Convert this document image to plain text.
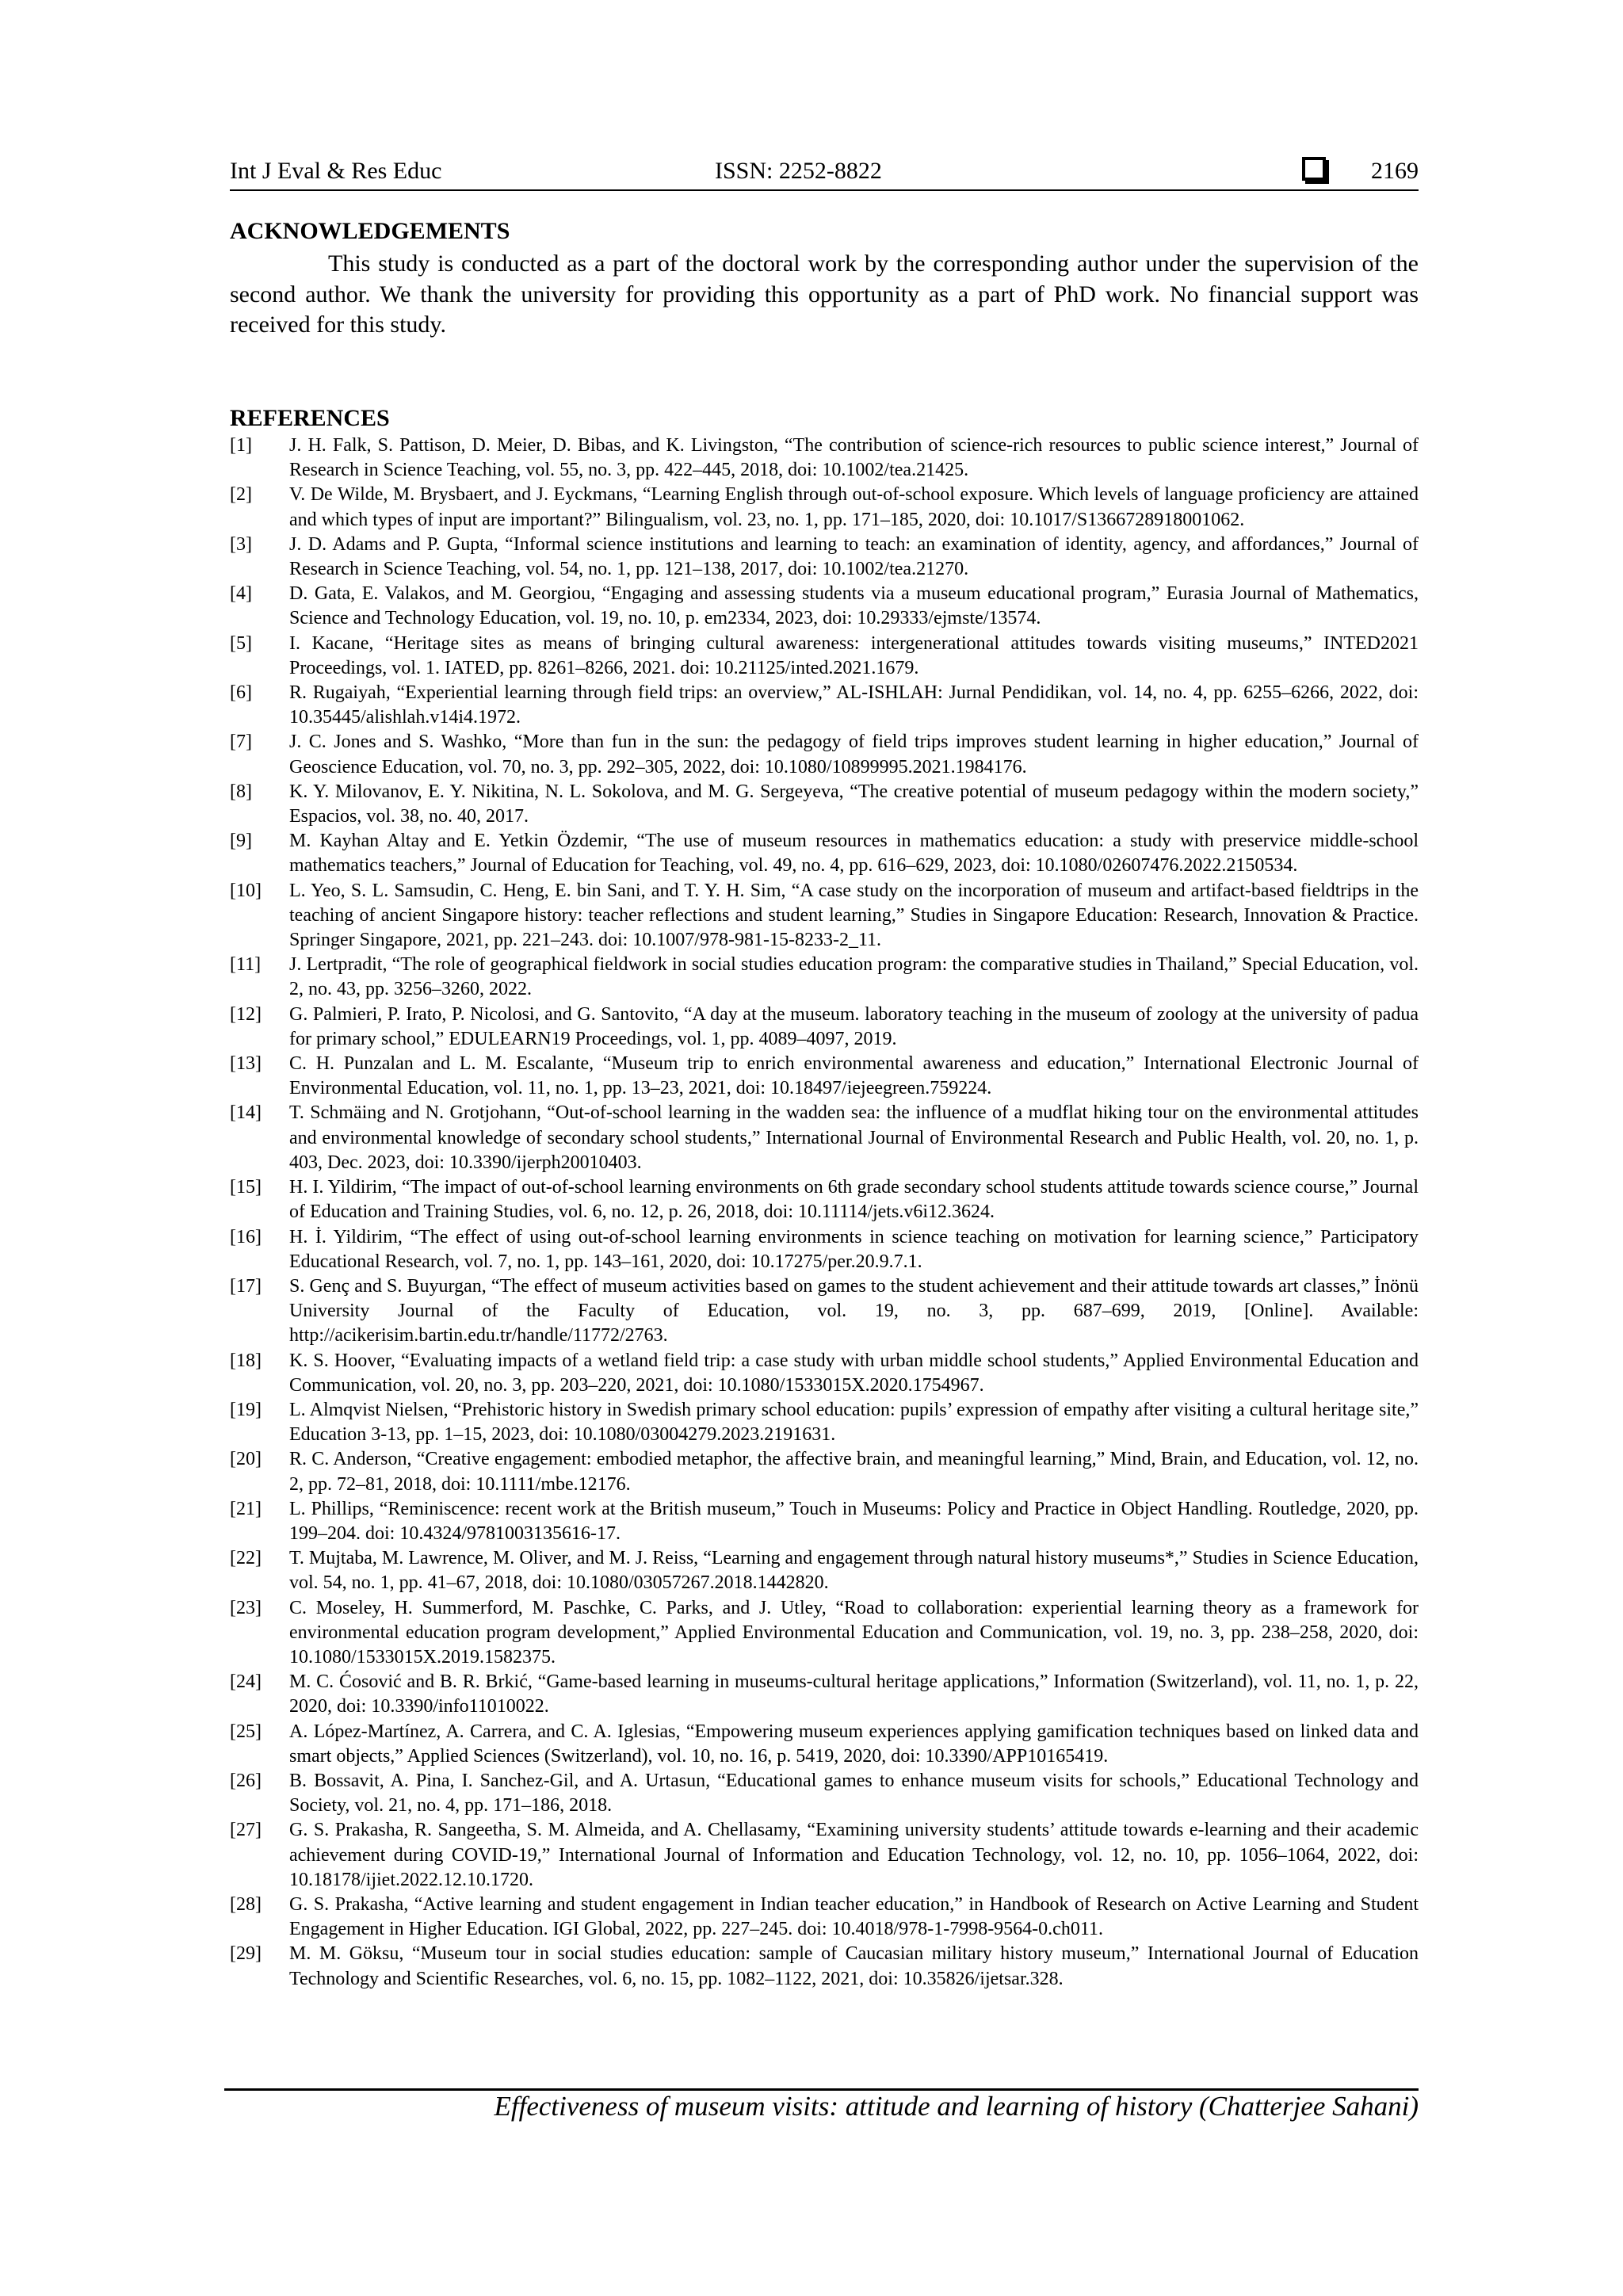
Int J Eval & Res Educ	ISSN: 2252-8822	2169
ACKNOWLEDGEMENTS

This study is conducted as a part of the doctoral work by the corresponding author under the supervision of the second author. We thank the university for providing this opportunity as a part of PhD work. No financial support was received for this study.

REFERENCES
[1]	J. H. Falk, S. Pattison, D. Meier, D. Bibas, and K. Livingston, “The contribution of science-rich resources to public science interest,” Journal of Research in Science Teaching, vol. 55, no. 3, pp. 422–445, 2018, doi: 10.1002/tea.21425.
[2]	V. De Wilde, M. Brysbaert, and J. Eyckmans, “Learning English through out-of-school exposure. Which levels of language proficiency are attained and which types of input are important?” Bilingualism, vol. 23, no. 1, pp. 171–185, 2020, doi: 10.1017/S1366728918001062.
[3]	J. D. Adams and P. Gupta, “Informal science institutions and learning to teach: an examination of identity, agency, and affordances,” Journal of Research in Science Teaching, vol. 54, no. 1, pp. 121–138, 2017, doi: 10.1002/tea.21270.
[4]	D. Gata, E. Valakos, and M. Georgiou, “Engaging and assessing students via a museum educational program,” Eurasia Journal of Mathematics, Science and Technology Education, vol. 19, no. 10, p. em2334, 2023, doi: 10.29333/ejmste/13574.
[5]	I. Kacane, “Heritage sites as means of bringing cultural awareness: intergenerational attitudes towards visiting museums,” INTED2021 Proceedings, vol. 1. IATED, pp. 8261–8266, 2021. doi: 10.21125/inted.2021.1679.
[6]	R. Rugaiyah, “Experiential learning through field trips: an overview,” AL-ISHLAH: Jurnal Pendidikan, vol. 14, no. 4, pp. 6255–6266, 2022, doi: 10.35445/alishlah.v14i4.1972.
[7]	J. C. Jones and S. Washko, “More than fun in the sun: the pedagogy of field trips improves student learning in higher education,” Journal of Geoscience Education, vol. 70, no. 3, pp. 292–305, 2022, doi: 10.1080/10899995.2021.1984176.
[8]	K. Y. Milovanov, E. Y. Nikitina, N. L. Sokolova, and M. G. Sergeyeva, “The creative potential of museum pedagogy within the modern society,” Espacios, vol. 38, no. 40, 2017.
[9]	M. Kayhan Altay and E. Yetkin Özdemir, “The use of museum resources in mathematics education: a study with preservice middle-school mathematics teachers,” Journal of Education for Teaching, vol. 49, no. 4, pp. 616–629, 2023, doi: 10.1080/02607476.2022.2150534.
[10]	L. Yeo, S. L. Samsudin, C. Heng, E. bin Sani, and T. Y. H. Sim, “A case study on the incorporation of museum and artifact-based fieldtrips in the teaching of ancient Singapore history: teacher reflections and student learning,” Studies in Singapore Education: Research, Innovation & Practice. Springer Singapore, 2021, pp. 221–243. doi: 10.1007/978-981-15-8233-2_11.
[11]	J. Lertpradit, “The role of geographical fieldwork in social studies education program: the comparative studies in Thailand,” Special Education, vol. 2, no. 43, pp. 3256–3260, 2022.
[12]	G. Palmieri, P. Irato, P. Nicolosi, and G. Santovito, “A day at the museum. laboratory teaching in the museum of zoology at the university of padua for primary school,” EDULEARN19 Proceedings, vol. 1, pp. 4089–4097, 2019.
[13]	C. H. Punzalan and L. M. Escalante, “Museum trip to enrich environmental awareness and education,” International Electronic Journal of Environmental Education, vol. 11, no. 1, pp. 13–23, 2021, doi: 10.18497/iejeegreen.759224.
[14]	T. Schmäing and N. Grotjohann, “Out-of-school learning in the wadden sea: the influence of a mudflat hiking tour on the environmental attitudes and environmental knowledge of secondary school students,” International Journal of Environmental Research and Public Health, vol. 20, no. 1, p. 403, Dec. 2023, doi: 10.3390/ijerph20010403.
[15]	H. I. Yildirim, “The impact of out-of-school learning environments on 6th grade secondary school students attitude towards science course,” Journal of Education and Training Studies, vol. 6, no. 12, p. 26, 2018, doi: 10.11114/jets.v6i12.3624.
[16]	H. İ. Yildirim, “The effect of using out-of-school learning environments in science teaching on motivation for learning science,” Participatory Educational Research, vol. 7, no. 1, pp. 143–161, 2020, doi: 10.17275/per.20.9.7.1.
[17]	S. Genç and S. Buyurgan, “The effect of museum activities based on games to the student achievement and their attitude towards art classes,” İnönü University Journal of the Faculty of Education, vol. 19, no. 3, pp. 687–699, 2019, [Online]. Available: http://acikerisim.bartin.edu.tr/handle/11772/2763.
[18]	K. S. Hoover, “Evaluating impacts of a wetland field trip: a case study with urban middle school students,” Applied Environmental Education and Communication, vol. 20, no. 3, pp. 203–220, 2021, doi: 10.1080/1533015X.2020.1754967.
[19]	L. Almqvist Nielsen, “Prehistoric history in Swedish primary school education: pupils’ expression of empathy after visiting a cultural heritage site,” Education 3-13, pp. 1–15, 2023, doi: 10.1080/03004279.2023.2191631.
[20]	R. C. Anderson, “Creative engagement: embodied metaphor, the affective brain, and meaningful learning,” Mind, Brain, and Education, vol. 12, no. 2, pp. 72–81, 2018, doi: 10.1111/mbe.12176.
[21]	L. Phillips, “Reminiscence: recent work at the British museum,” Touch in Museums: Policy and Practice in Object Handling. Routledge, 2020, pp. 199–204. doi: 10.4324/9781003135616-17.
[22]	T. Mujtaba, M. Lawrence, M. Oliver, and M. J. Reiss, “Learning and engagement through natural history museums*,” Studies in Science Education, vol. 54, no. 1, pp. 41–67, 2018, doi: 10.1080/03057267.2018.1442820.
[23]	C. Moseley, H. Summerford, M. Paschke, C. Parks, and J. Utley, “Road to collaboration: experiential learning theory as a framework for environmental education program development,” Applied Environmental Education and Communication, vol. 19, no. 3, pp. 238–258, 2020, doi: 10.1080/1533015X.2019.1582375.
[24]	M. C. Ćosović and B. R. Brkić, “Game-based learning in museums-cultural heritage applications,” Information (Switzerland), vol. 11, no. 1, p. 22, 2020, doi: 10.3390/info11010022.
[25]	A. López-Martínez, A. Carrera, and C. A. Iglesias, “Empowering museum experiences applying gamification techniques based on linked data and smart objects,” Applied Sciences (Switzerland), vol. 10, no. 16, p. 5419, 2020, doi: 10.3390/APP10165419.
[26]	B. Bossavit, A. Pina, I. Sanchez-Gil, and A. Urtasun, “Educational games to enhance museum visits for schools,” Educational Technology and Society, vol. 21, no. 4, pp. 171–186, 2018.
[27]	G. S. Prakasha, R. Sangeetha, S. M. Almeida, and A. Chellasamy, “Examining university students’ attitude towards e-learning and their academic achievement during COVID-19,” International Journal of Information and Education Technology, vol. 12, no. 10, pp. 1056–1064, 2022, doi: 10.18178/ijiet.2022.12.10.1720.
[28]	G. S. Prakasha, “Active learning and student engagement in Indian teacher education,” in Handbook of Research on Active Learning and Student Engagement in Higher Education. IGI Global, 2022, pp. 227–245. doi: 10.4018/978-1-7998-9564-0.ch011.
[29]	M. M. Göksu, “Museum tour in social studies education: sample of Caucasian military history museum,” International Journal of Education Technology and Scientific Researches, vol. 6, no. 15, pp. 1082–1122, 2021, doi: 10.35826/ijetsar.328.
Effectiveness of museum visits: attitude and learning of history (Chatterjee Sahani)
